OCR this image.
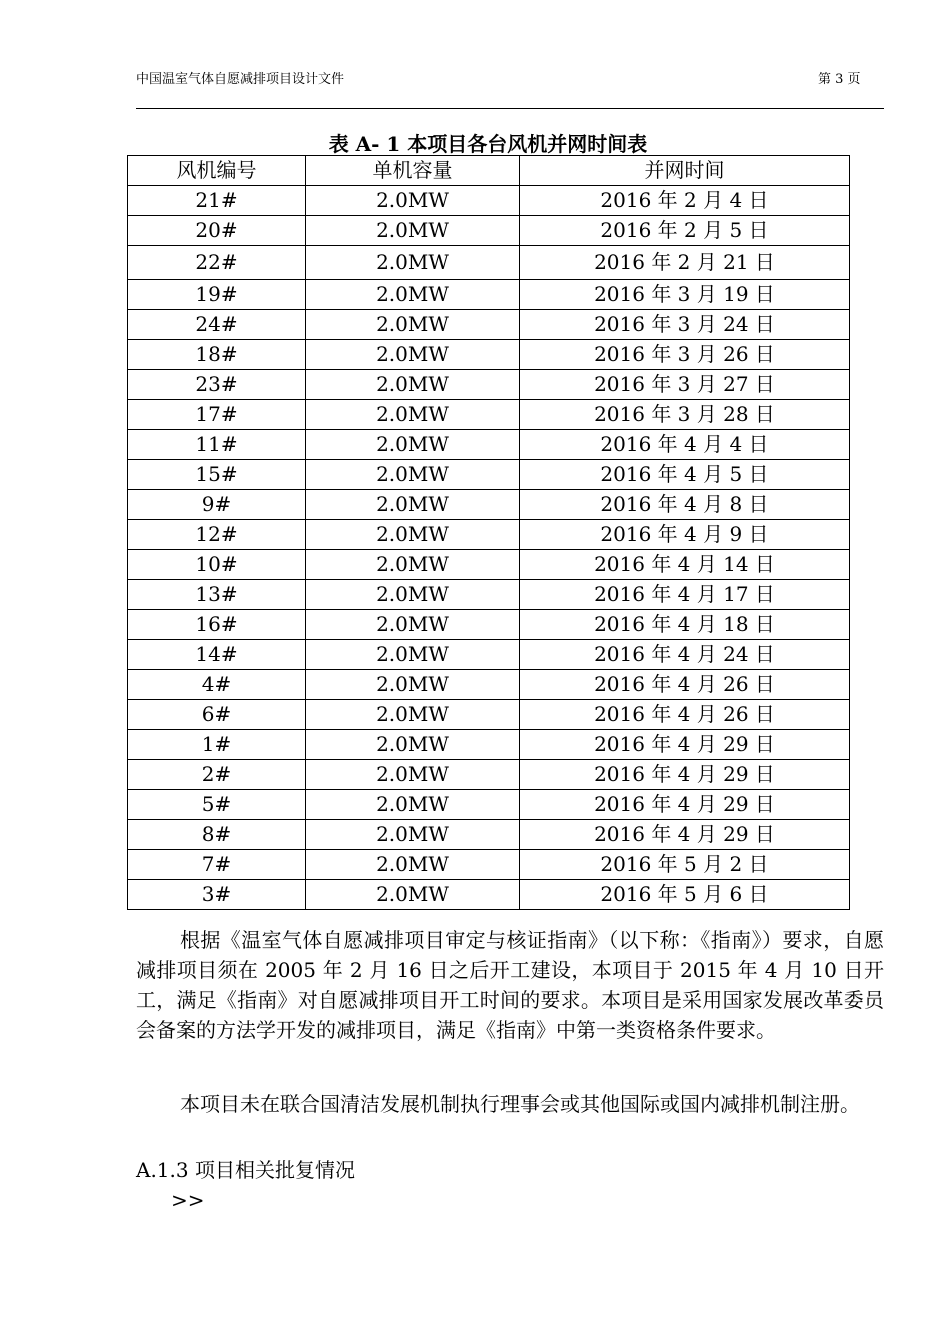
中国温室气体自愿减排项目设计文件	第 3 页
表 A- 1 本项目各台风机并网时间表
风机编号	单机容量	并网时间
21#	2.0MW	2016 年 2 月 4 日
20#	2.0MW	2016 年 2 月 5 日
22#	2.0MW	2016 年 2 月 21 日
19#	2.0MW	2016 年 3 月 19 日
24#	2.0MW	2016 年 3 月 24 日
18#	2.0MW	2016 年 3 月 26 日
23#	2.0MW	2016 年 3 月 27 日
17#	2.0MW	2016 年 3 月 28 日
11#	2.0MW	2016 年 4 月 4 日
15#	2.0MW	2016 年 4 月 5 日
9#	2.0MW	2016 年 4 月 8 日
12#	2.0MW	2016 年 4 月 9 日
10#	2.0MW	2016 年 4 月 14 日
13#	2.0MW	2016 年 4 月 17 日
16#	2.0MW	2016 年 4 月 18 日
14#	2.0MW	2016 年 4 月 24 日
4#	2.0MW	2016 年 4 月 26 日
6#	2.0MW	2016 年 4 月 26 日
1#	2.0MW	2016 年 4 月 29 日
2#	2.0MW	2016 年 4 月 29 日
5#	2.0MW	2016 年 4 月 29 日
8#	2.0MW	2016 年 4 月 29 日
7#	2.0MW	2016 年 5 月 2 日
3#	2.0MW	2016 年 5 月 6 日

根据《温室气体自愿减排项目审定与核证指南》（以下称：《指南》）要求，自愿减排项目须在 2005 年 2 月 16 日之后开工建设，本项目于 2015 年 4 月 10 日开工，满足《指南》对自愿减排项目开工时间的要求。本项目是采用国家发展改革委员会备案的方法学开发的减排项目，满足《指南》中第一类资格条件要求。

本项目未在联合国清洁发展机制执行理事会或其他国际或国内减排机制注册。

A.1.3 项目相关批复情况
>>
